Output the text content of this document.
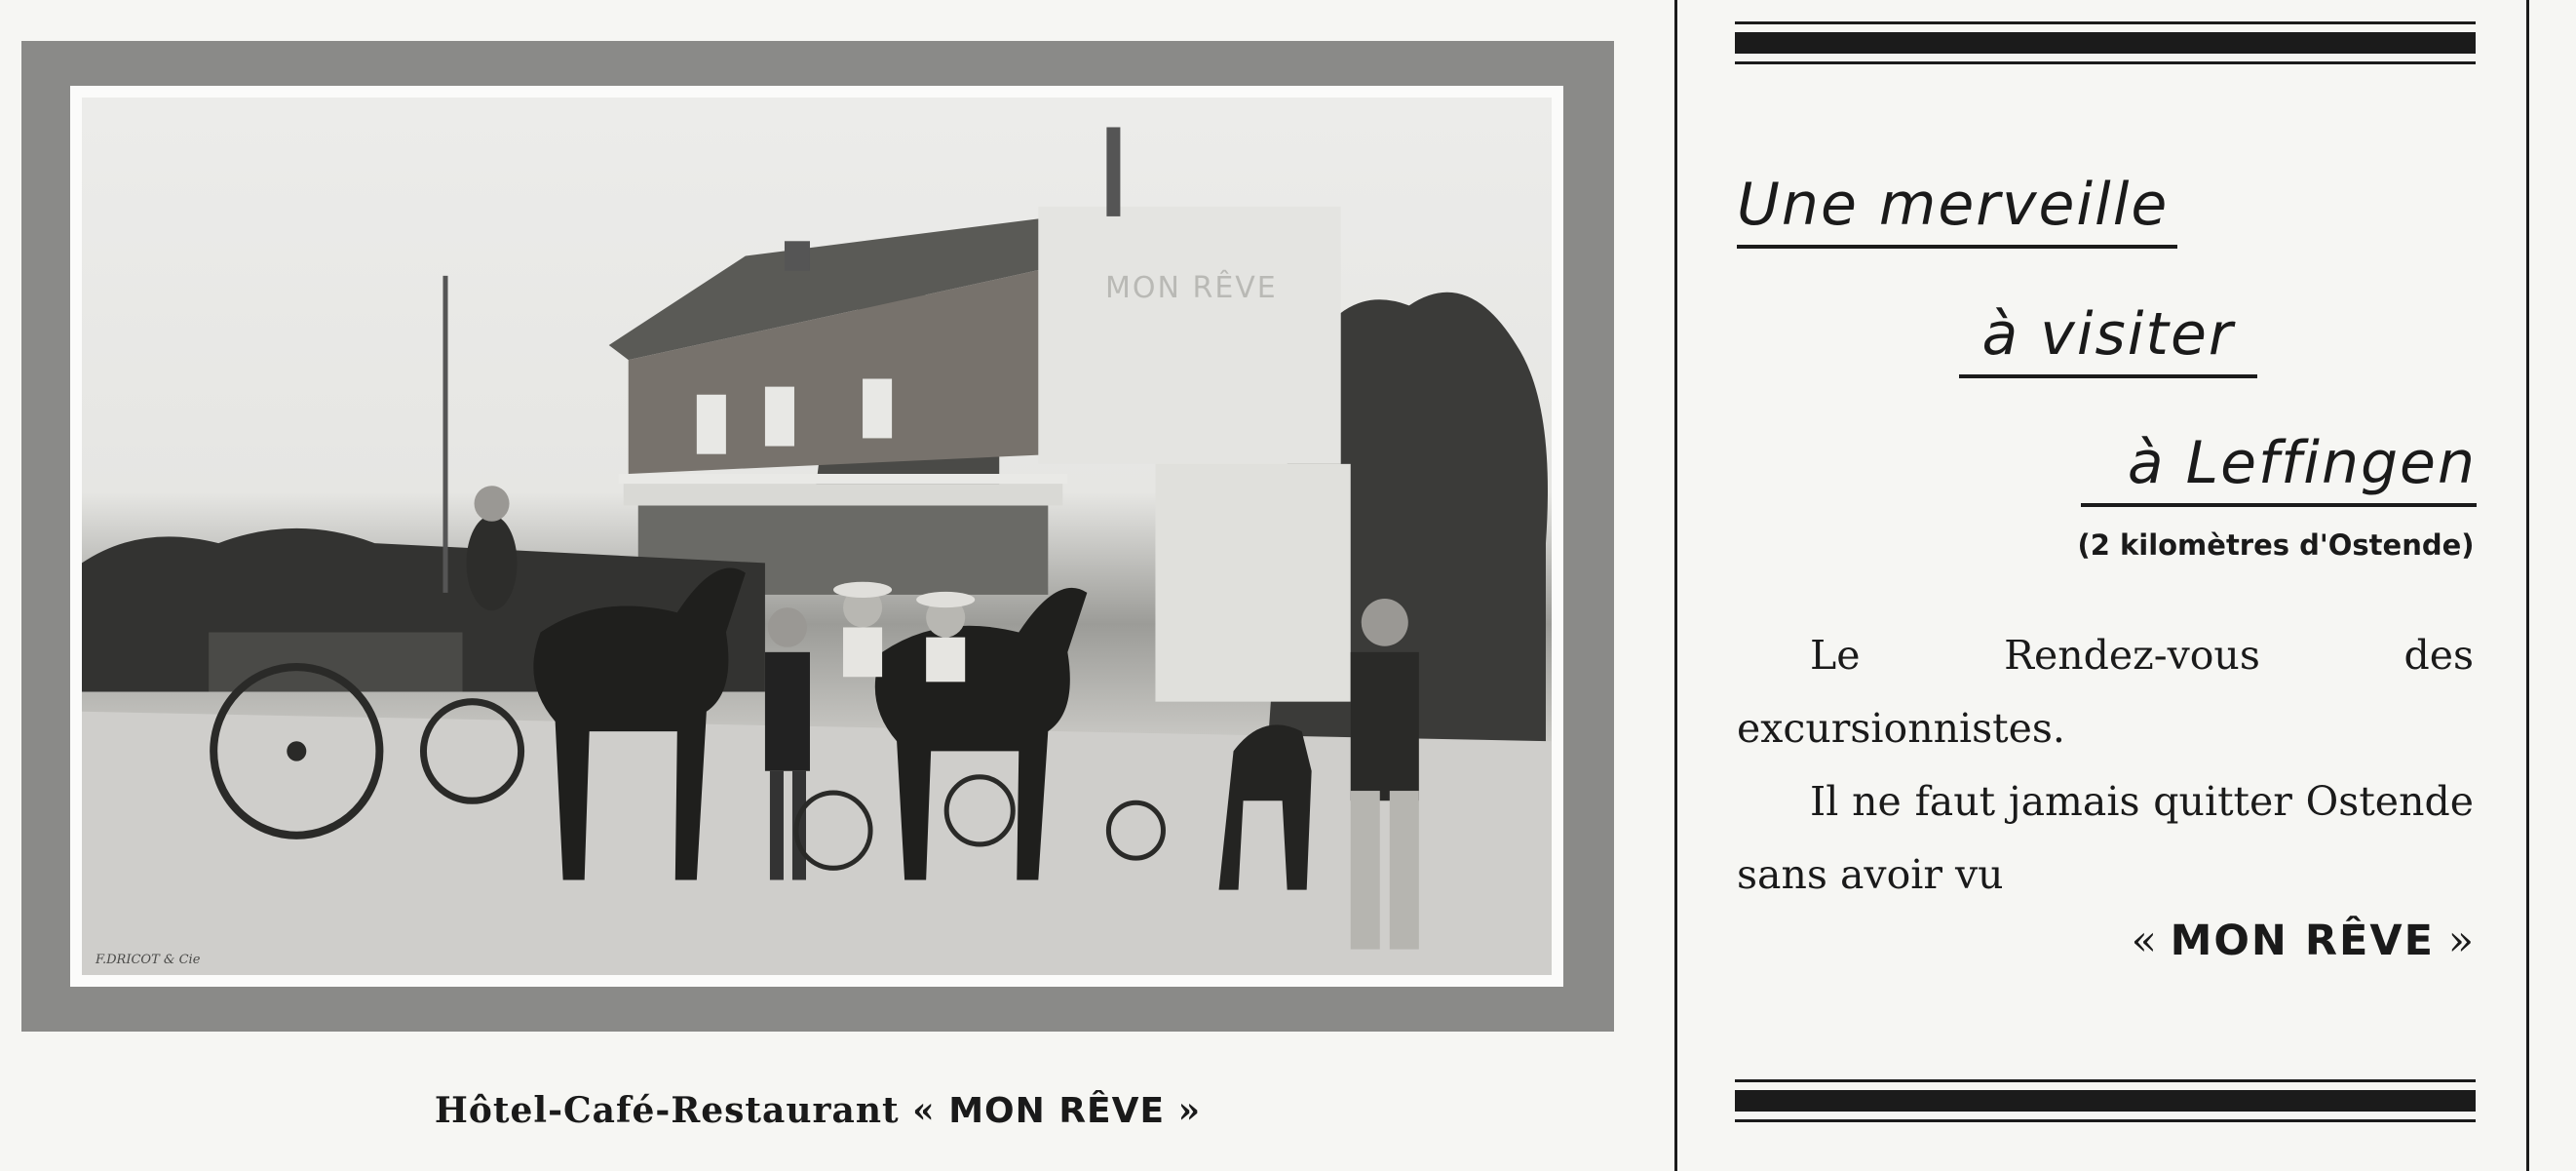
MON RÊVE
F.DRICOT & Cie
Hôtel-Café-Restaurant « MON RÊVE »
Une merveille
à visiter
à Leffingen
(2 kilomètres d'Ostende)

Le Rendez-vous des excursionnistes.

Il ne faut jamais quitter Ostende sans avoir vu

« MON RÊVE »
